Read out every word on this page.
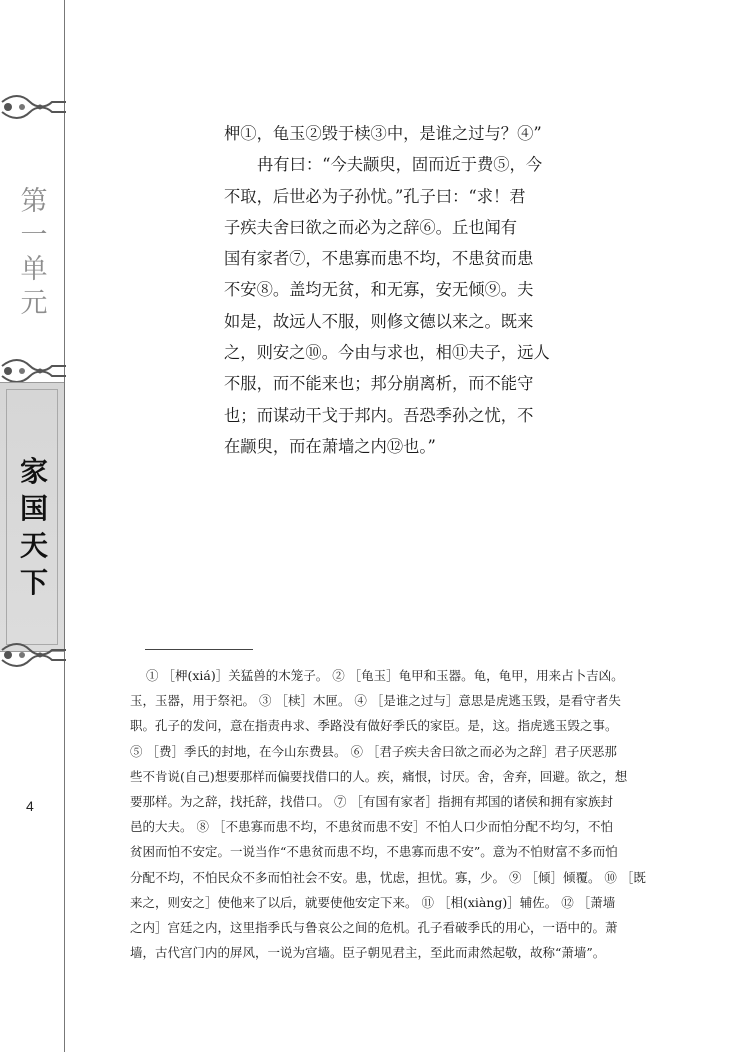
第
一
单
元
家
国
天
下
4

柙①，龟玉②毁于椟③中，是谁之过与？④”

冉有曰：“今夫颛臾，固而近于费⑤，今

不取，后世必为子孙忧。”孔子曰：“求！君

子疾夫舍曰欲之而必为之辞⑥。丘也闻有

国有家者⑦，不患寡而患不均，不患贫而患

不安⑧。盖均无贫，和无寡，安无倾⑨。夫

如是，故远人不服，则修文德以来之。既来

之，则安之⑩。今由与求也，相⑪夫子，远人

不服，而不能来也；邦分崩离析，而不能守

也；而谋动干戈于邦内。吾恐季孙之忧，不

在颛臾，而在萧墙之内⑫也。”

① ［柙(xiá)］关猛兽的木笼子。 ② ［龟玉］龟甲和玉器。龟，龟甲，用来占卜吉凶。

玉，玉器，用于祭祀。 ③ ［椟］木匣。 ④ ［是谁之过与］意思是虎逃玉毁，是看守者失

职。孔子的发问，意在指责冉求、季路没有做好季氏的家臣。是，这。指虎逃玉毁之事。

⑤ ［费］季氏的封地，在今山东费县。 ⑥ ［君子疾夫舍曰欲之而必为之辞］君子厌恶那

些不肯说(自己)想要那样而偏要找借口的人。疾，痛恨，讨厌。舍，舍弃，回避。欲之，想

要那样。为之辞，找托辞，找借口。 ⑦ ［有国有家者］指拥有邦国的诸侯和拥有家族封

邑的大夫。 ⑧ ［不患寡而患不均，不患贫而患不安］不怕人口少而怕分配不均匀，不怕

贫困而怕不安定。一说当作“不患贫而患不均，不患寡而患不安”。意为不怕财富不多而怕

分配不均，不怕民众不多而怕社会不安。患，忧虑，担忧。寡，少。 ⑨ ［倾］倾覆。 ⑩ ［既

来之，则安之］使他来了以后，就要使他安定下来。 ⑪ ［相(xiàng)］辅佐。 ⑫ ［萧墙

之内］宫廷之内，这里指季氏与鲁哀公之间的危机。孔子看破季氏的用心，一语中的。萧

墙，古代宫门内的屏风，一说为宫墙。臣子朝见君主，至此而肃然起敬，故称“萧墙”。
